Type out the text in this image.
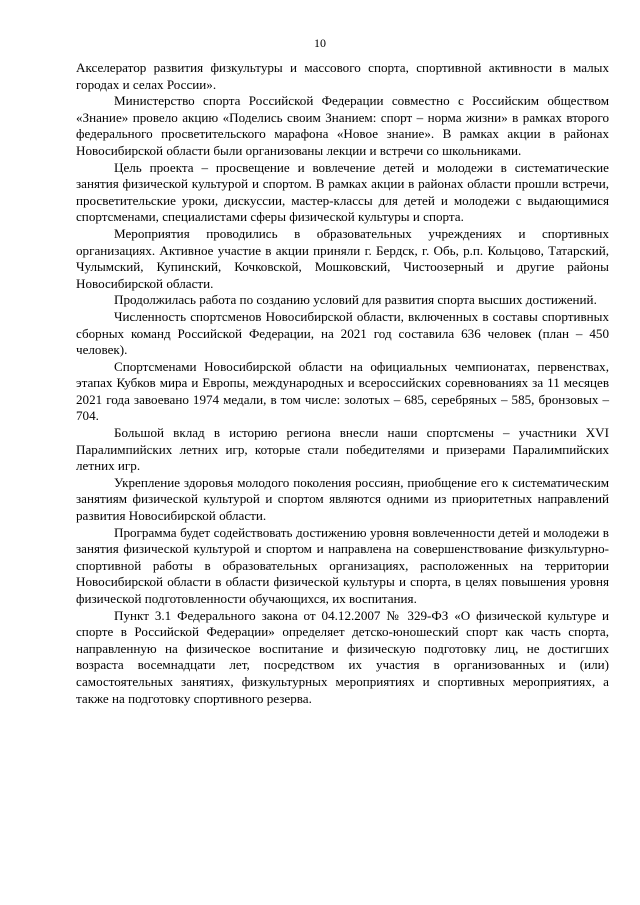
10

Акселератор развития физкультуры и массового спорта, спортивной активности в малых городах и селах России».

Министерство спорта Российской Федерации совместно с Российским обществом «Знание» провело акцию «Поделись своим Знанием: спорт – норма жизни» в рамках второго федерального просветительского марафона «Новое знание». В рамках акции в районах Новосибирской области были организованы лекции и встречи со школьниками.

Цель проекта – просвещение и вовлечение детей и молодежи в систематические занятия физической культурой и спортом. В рамках акции в районах области прошли встречи, просветительские уроки, дискуссии, мастер-классы для детей и молодежи с выдающимися спортсменами, специалистами сферы физической культуры и спорта.

Мероприятия проводились в образовательных учреждениях и спортивных организациях. Активное участие в акции приняли г. Бердск, г. Обь, р.п. Кольцово, Татарский, Чулымский, Купинский, Кочковской, Мошковский, Чистоозерный и другие районы Новосибирской области.

Продолжилась работа по созданию условий для развития спорта высших достижений.

Численность спортсменов Новосибирской области, включенных в составы спортивных сборных команд Российской Федерации, на 2021 год составила 636 человек (план – 450 человек).

Спортсменами Новосибирской области на официальных чемпионатах, первенствах, этапах Кубков мира и Европы, международных и всероссийских соревнованиях за 11 месяцев 2021 года завоевано 1974 медали, в том числе: золотых – 685, серебряных – 585, бронзовых – 704.

Большой вклад в историю региона внесли наши спортсмены – участники XVI Паралимпийских летних игр, которые стали победителями и призерами Паралимпийских летних игр.

Укрепление здоровья молодого поколения россиян, приобщение его к систематическим занятиям физической культурой и спортом являются одними из приоритетных направлений развития Новосибирской области.

Программа будет содействовать достижению уровня вовлеченности детей и молодежи в занятия физической культурой и спортом и направлена на совершенствование физкультурно-спортивной работы в образовательных организациях, расположенных на территории Новосибирской области в области физической культуры и спорта, в целях повышения уровня физической подготовленности обучающихся, их воспитания.

Пункт 3.1 Федерального закона от 04.12.2007 № 329-ФЗ «О физической культуре и спорте в Российской Федерации» определяет детско-юношеский спорт как часть спорта, направленную на физическое воспитание и физическую подготовку лиц, не достигших возраста восемнадцати лет, посредством их участия в организованных и (или) самостоятельных занятиях, физкультурных мероприятиях и спортивных мероприятиях, а также на подготовку спортивного резерва.
